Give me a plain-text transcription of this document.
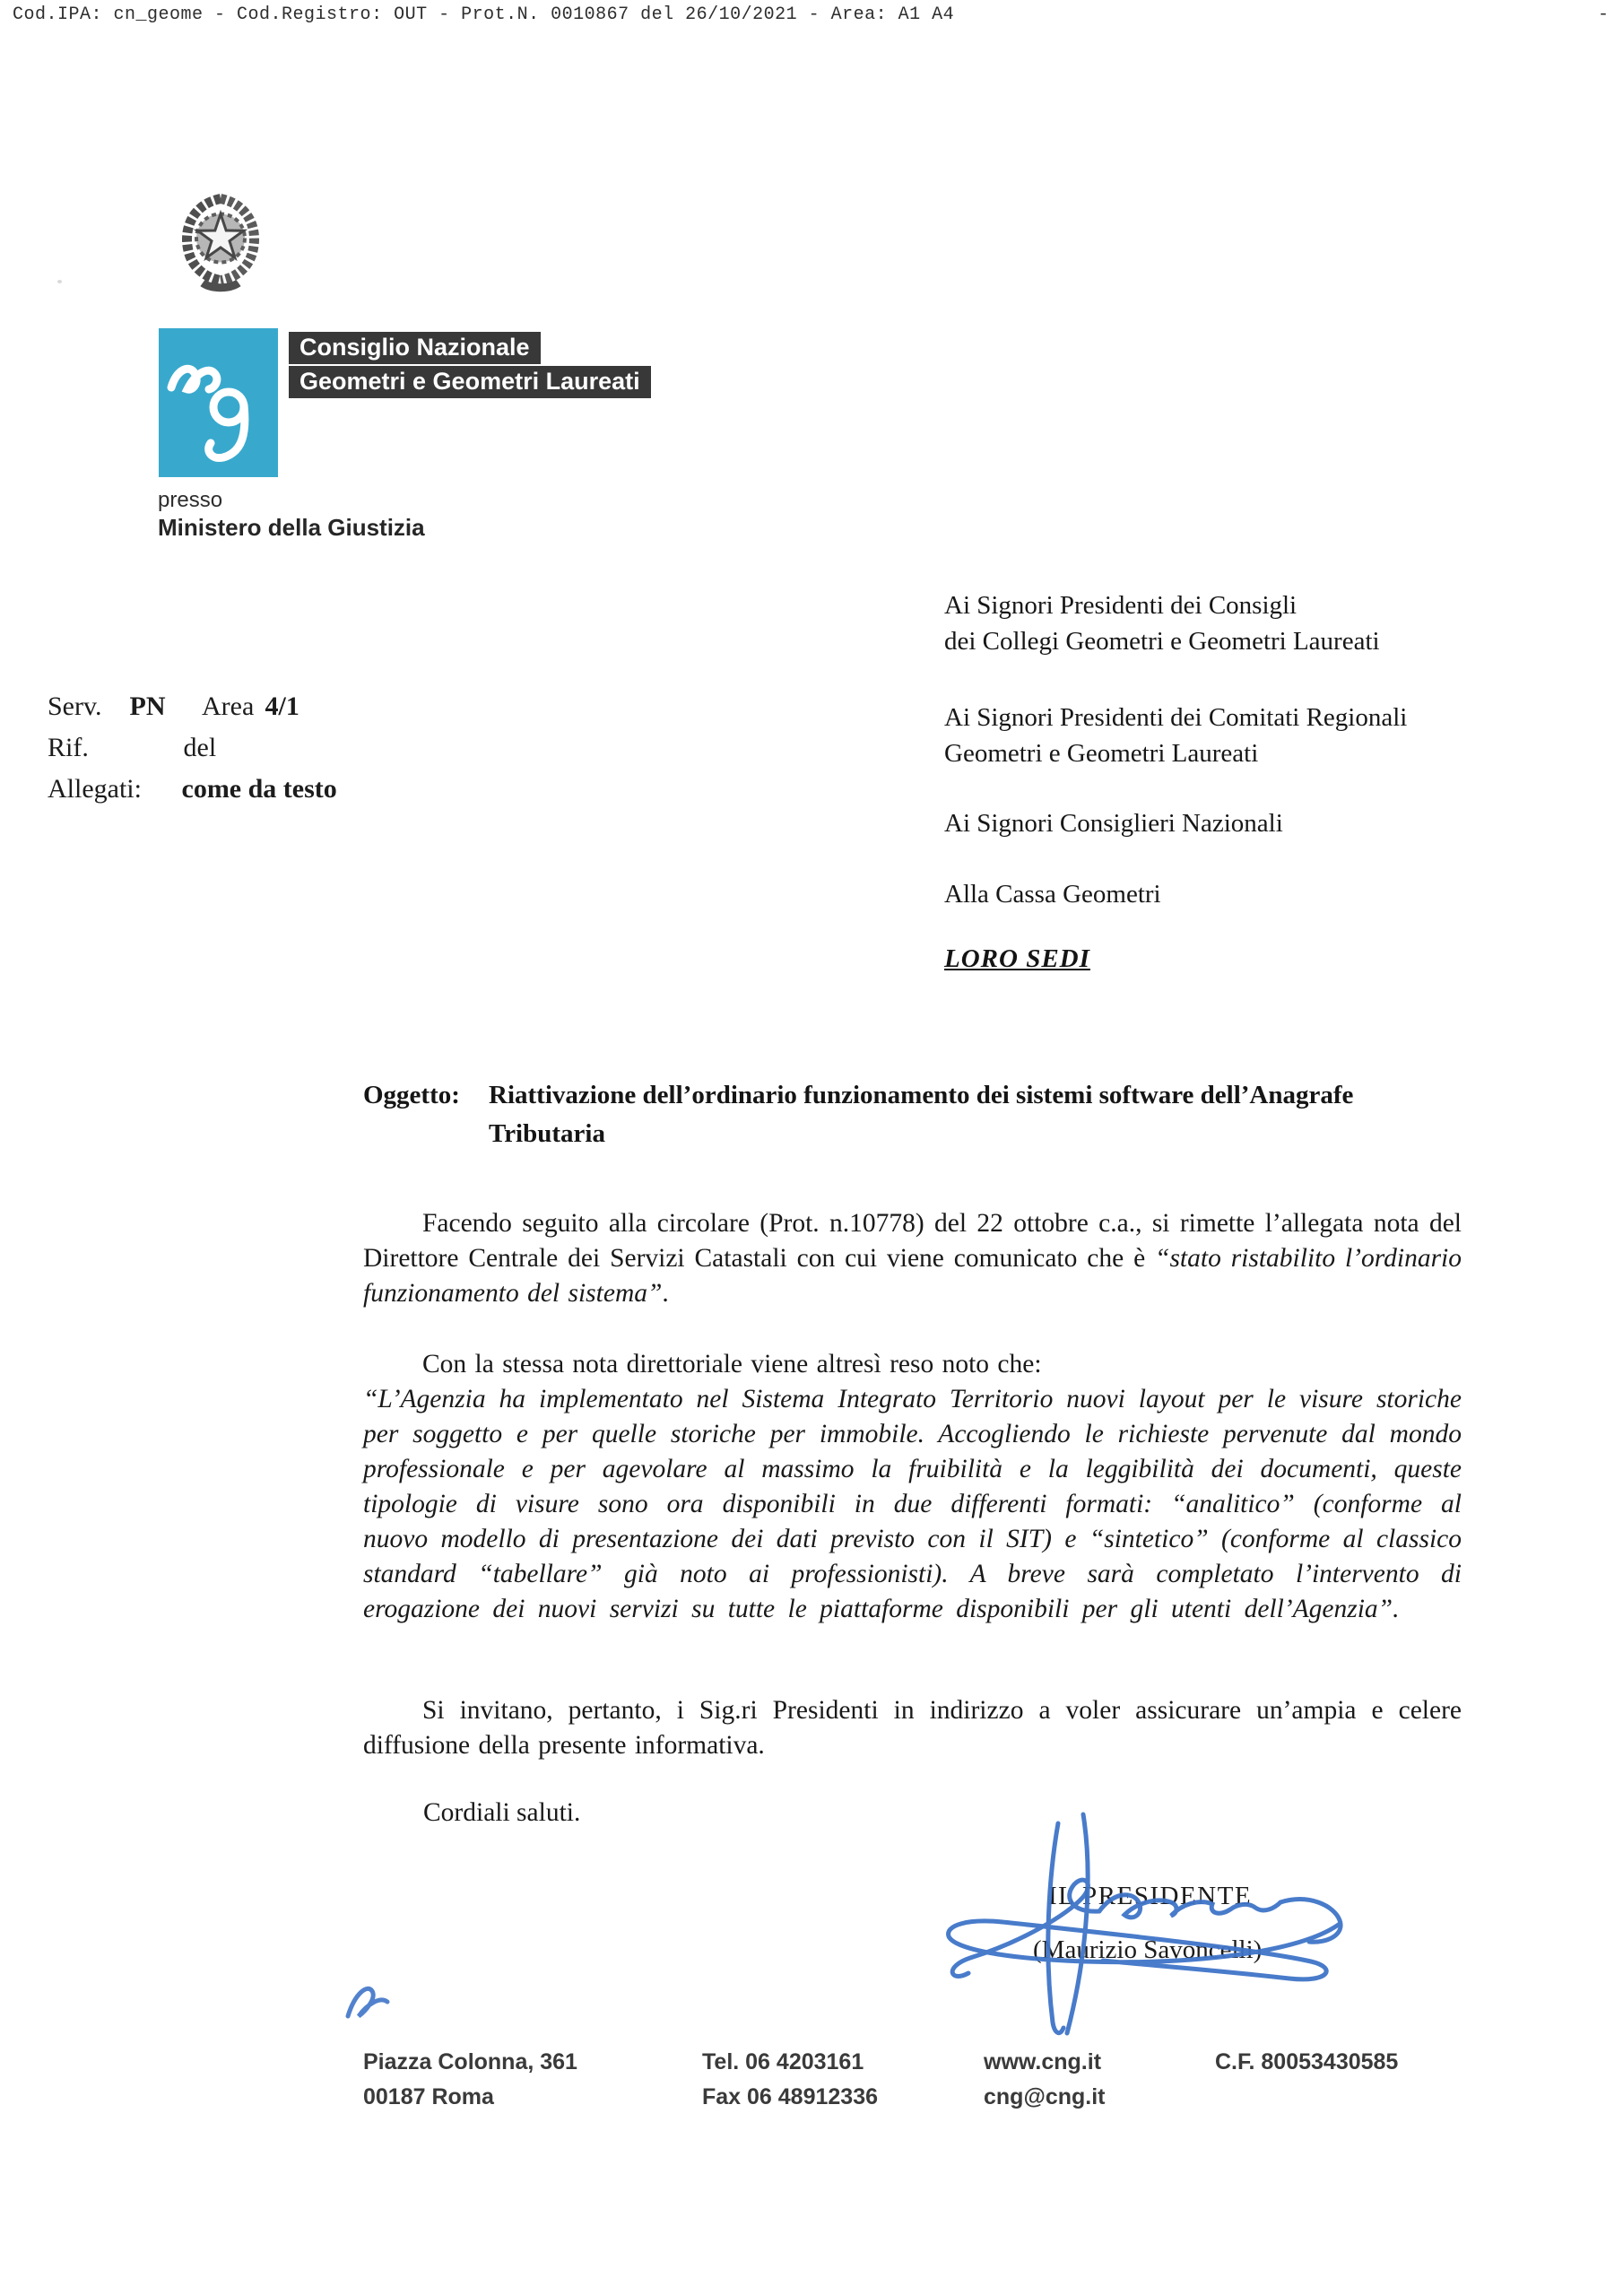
Cod.IPA: cn_geome - Cod.Registro: OUT - Prot.N. 0010867 del 26/10/2021 - Area: A1 A4	-
Consiglio Nazionale
Geometri e Geometri Laureati
presso
Ministero della Giustizia
Serv. PN Area 4/1
Rif.	del
Allegati: come da testo
Ai Signori Presidenti dei Consigli
dei Collegi Geometri e Geometri Laureati
Ai Signori Presidenti dei Comitati Regionali
Geometri e Geometri Laureati
Ai Signori Consiglieri Nazionali
Alla Cassa Geometri
LORO SEDI
Oggetto:	Riattivazione dell’ordinario funzionamento dei sistemi software dell’Anagrafe Tributaria
Facendo seguito alla circolare (Prot. n.10778) del 22 ottobre c.a., si rimette l’allegata nota del Direttore Centrale dei Servizi Catastali con cui viene comunicato che è “stato ristabilito l’ordinario funzionamento del sistema”.
Con la stessa nota direttoriale viene altresì reso noto che:
“L’Agenzia ha implementato nel Sistema Integrato Territorio nuovi layout per le visure storiche per soggetto e per quelle storiche per immobile. Accogliendo le richieste pervenute dal mondo professionale e per agevolare al massimo la fruibilità e la leggibilità dei documenti, queste tipologie di visure sono ora disponibili in due differenti formati: “analitico” (conforme al nuovo modello di presentazione dei dati previsto con il SIT) e “sintetico” (conforme al classico standard “tabellare” già noto ai professionisti). A breve sarà completato l’intervento di erogazione dei nuovi servizi su tutte le piattaforme disponibili per gli utenti dell’Agenzia”.
Si invitano, pertanto, i Sig.ri Presidenti in indirizzo a voler assicurare un’ampia e celere diffusione della presente informativa.
Cordiali saluti.
IL PRESIDENTE
(Maurizio Savoncelli)
Piazza Colonna, 361
00187 Roma
Tel. 06 4203161
Fax 06 48912336
www.cng.it
cng@cng.it
C.F. 80053430585
